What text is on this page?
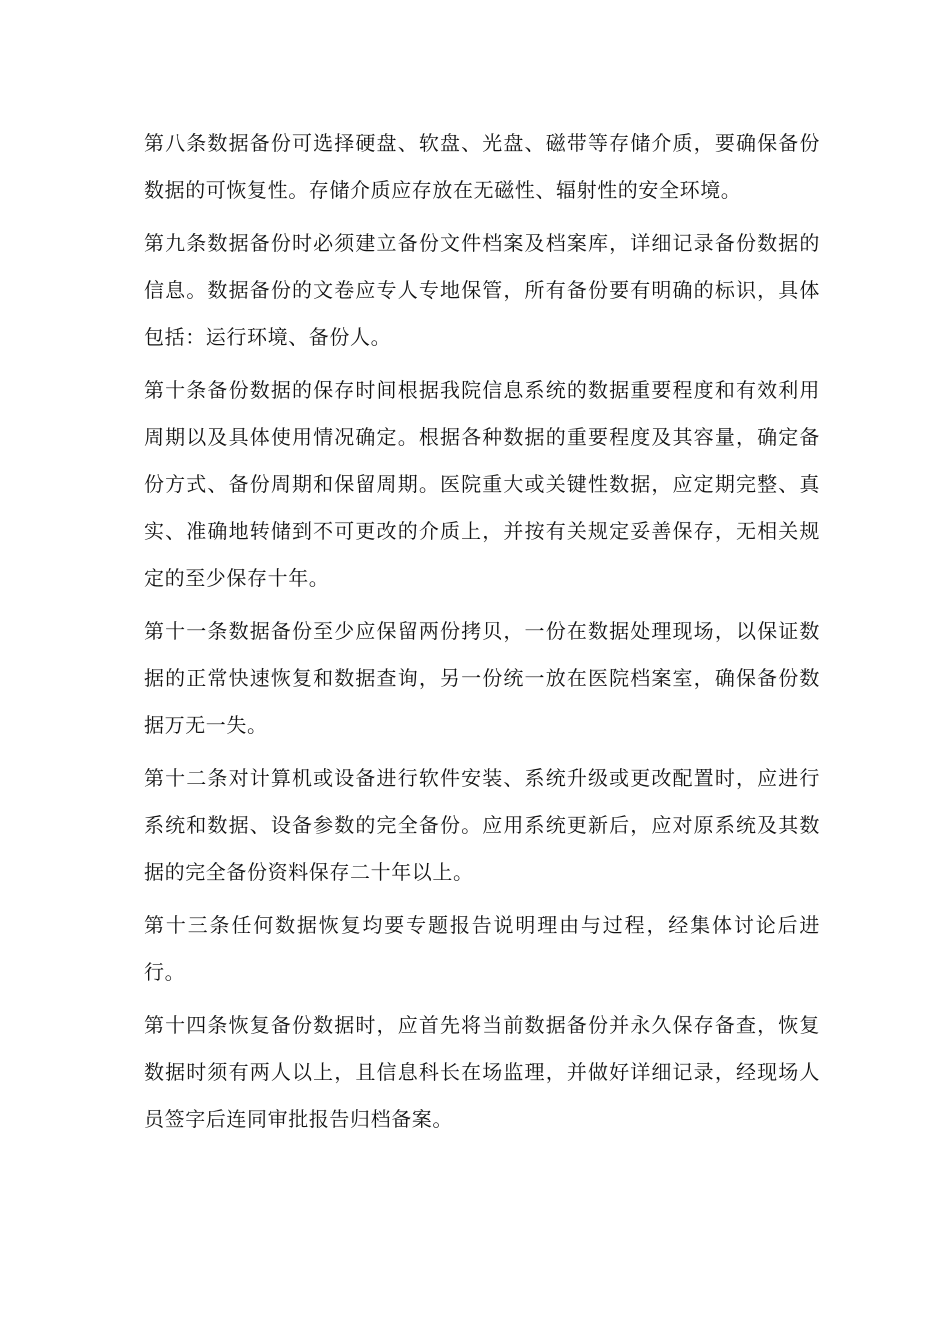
第八条数据备份可选择硬盘、软盘、光盘、磁带等存储介质，要确保备份数据的可恢复性。存储介质应存放在无磁性、辐射性的安全环境。

第九条数据备份时必须建立备份文件档案及档案库，详细记录备份数据的信息。数据备份的文卷应专人专地保管，所有备份要有明确的标识，具体包括：运行环境、备份人。

第十条备份数据的保存时间根据我院信息系统的数据重要程度和有效利用周期以及具体使用情况确定。根据各种数据的重要程度及其容量，确定备份方式、备份周期和保留周期。医院重大或关键性数据，应定期完整、真实、准确地转储到不可更改的介质上，并按有关规定妥善保存，无相关规定的至少保存十年。

第十一条数据备份至少应保留两份拷贝，一份在数据处理现场，以保证数据的正常快速恢复和数据查询，另一份统一放在医院档案室，确保备份数据万无一失。

第十二条对计算机或设备进行软件安装、系统升级或更改配置时，应进行系统和数据、设备参数的完全备份。应用系统更新后，应对原系统及其数据的完全备份资料保存二十年以上。

第十三条任何数据恢复均要专题报告说明理由与过程，经集体讨论后进行。

第十四条恢复备份数据时，应首先将当前数据备份并永久保存备查，恢复数据时须有两人以上，且信息科长在场监理，并做好详细记录，经现场人员签字后连同审批报告归档备案。
